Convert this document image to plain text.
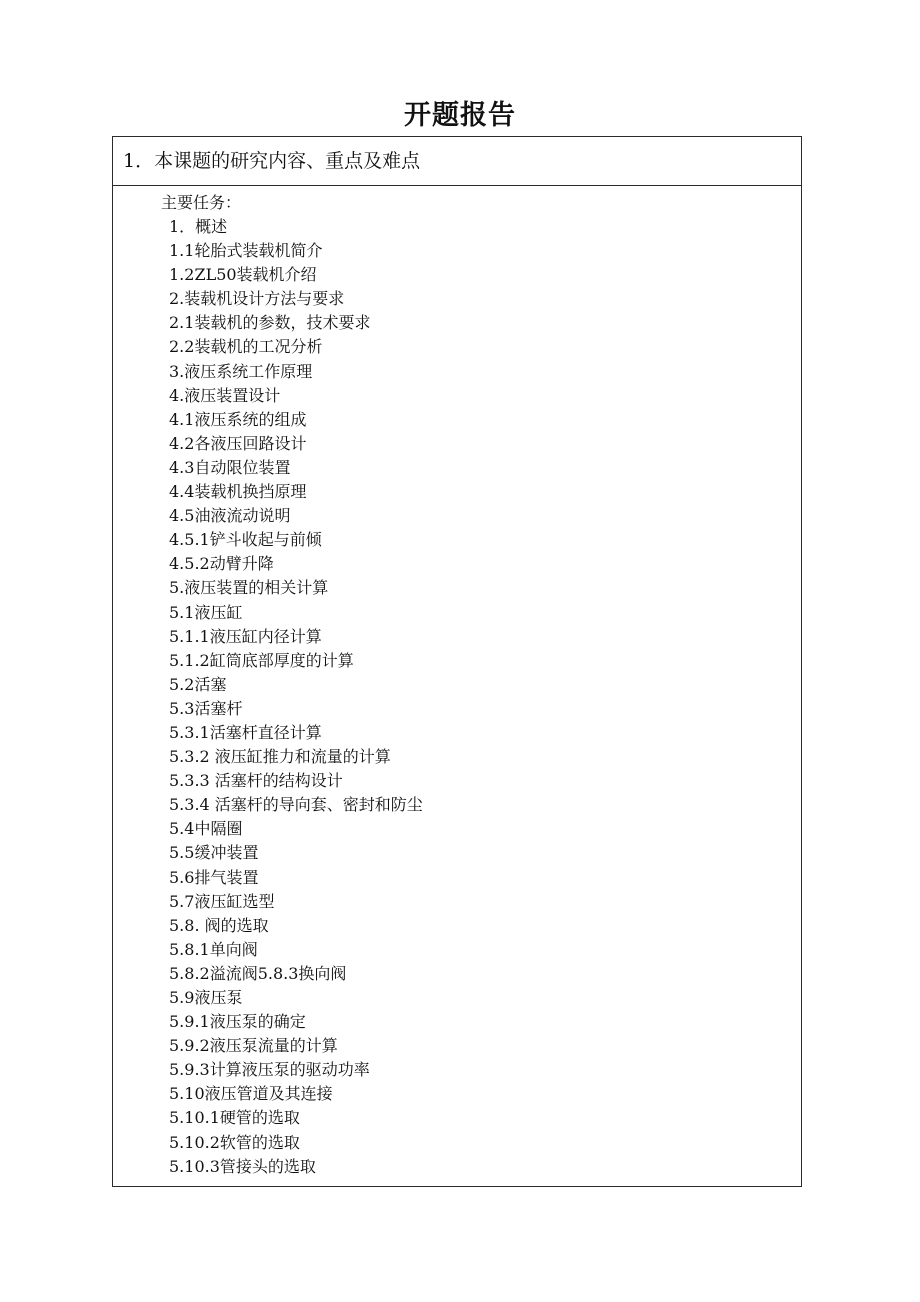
开题报告
1．本课题的研究内容、重点及难点
主要任务：
1．概述
1.1轮胎式装载机简介
1.2ZL50装载机介绍
2.装载机设计方法与要求
2.1装载机的参数，技术要求
2.2装载机的工况分析
3.液压系统工作原理
4.液压装置设计
4.1液压系统的组成
4.2各液压回路设计
4.3自动限位装置
4.4装载机换挡原理
4.5油液流动说明
4.5.1铲斗收起与前倾
4.5.2动臂升降
5.液压装置的相关计算
5.1液压缸
5.1.1液压缸内径计算
5.1.2缸筒底部厚度的计算
5.2活塞
5.3活塞杆
5.3.1活塞杆直径计算
5.3.2 液压缸推力和流量的计算
5.3.3 活塞杆的结构设计
5.3.4 活塞杆的导向套、密封和防尘
5.4中隔圈
5.5缓冲装置
5.6排气装置
5.7液压缸选型
5.8. 阀的选取
5.8.1单向阀
5.8.2溢流阀5.8.3换向阀
5.9液压泵
5.9.1液压泵的确定
5.9.2液压泵流量的计算
5.9.3计算液压泵的驱动功率
5.10液压管道及其连接
5.10.1硬管的选取
5.10.2软管的选取
5.10.3管接头的选取
